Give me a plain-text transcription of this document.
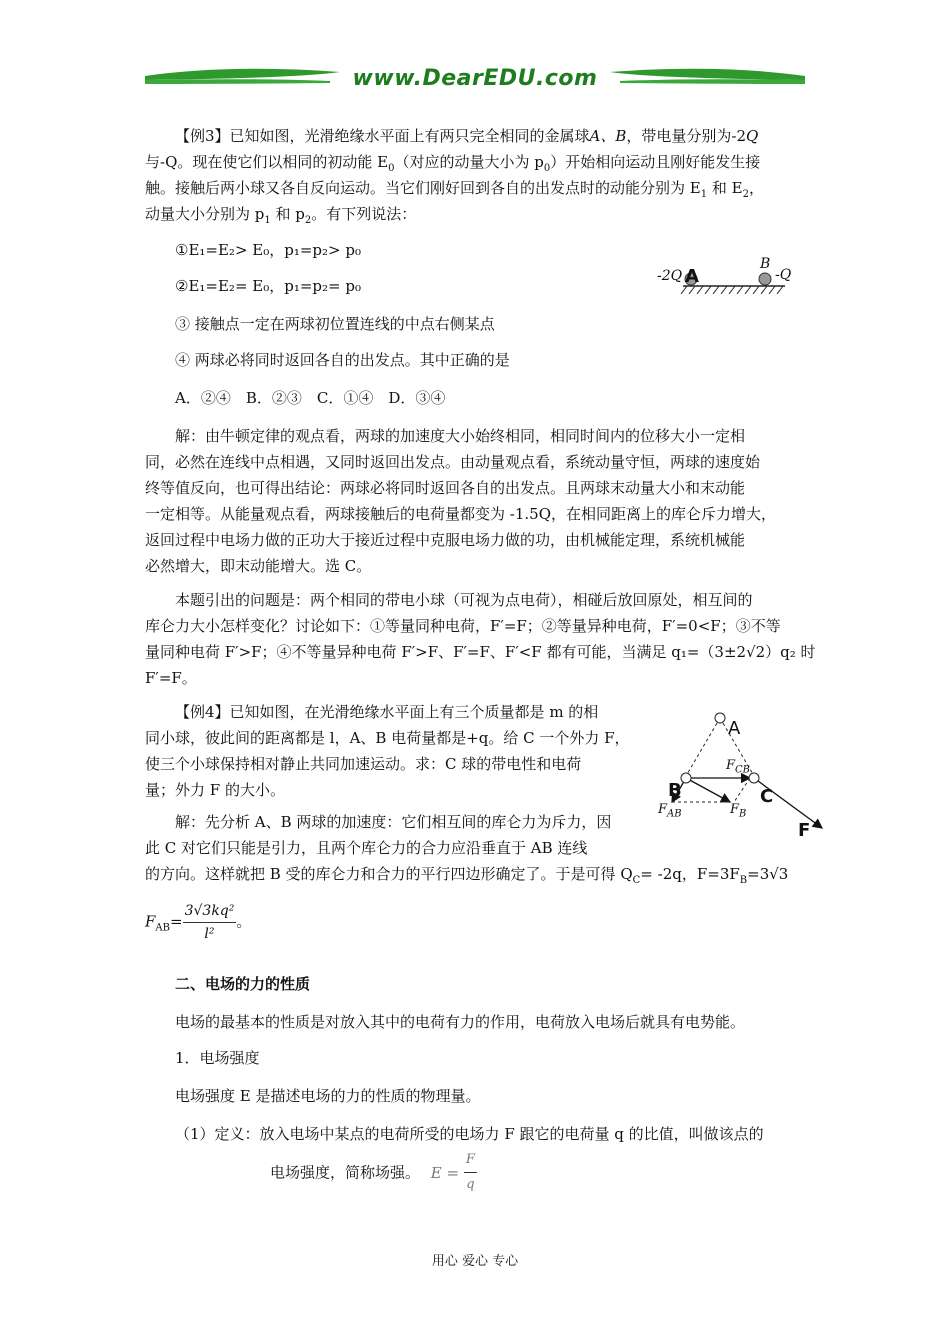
www.DearEDU.com
【例3】已知如图，光滑绝缘水平面上有两只完全相同的金属球A、B，带电量分别为-2Q
与-Q。现在使它们以相同的初动能 $E_0$（对应的动量大小为 $p_0$）开始相向运动且刚好能发生接
触。接触后两小球又各自反向运动。当它们刚好回到各自的出发点时的动能分别为 $E_1$ 和 $E_2$，
动量大小分别为 $p_1$ 和 $p_2$。有下列说法：
①E₁=E₂> E₀，p₁=p₂> p₀
②E₁=E₂= E₀，p₁=p₂= p₀
③ 接触点一定在两球初位置连线的中点右侧某点
④ 两球必将同时返回各自的出发点。其中正确的是
A．②④　B．②③　C．①④　D．③④
-2Q A
B
-Q
解：由牛顿定律的观点看，两球的加速度大小始终相同，相同时间内的位移大小一定相
同，必然在连线中点相遇，又同时返回出发点。由动量观点看，系统动量守恒，两球的速度始
终等值反向，也可得出结论：两球必将同时返回各自的出发点。且两球末动量大小和末动能
一定相等。从能量观点看，两球接触后的电荷量都变为 -1.5Q，在相同距离上的库仑斥力增大，
返回过程中电场力做的正功大于接近过程中克服电场力做的功，由机械能定理，系统机械能
必然增大，即末动能增大。选 C。
本题引出的问题是：两个相同的带电小球（可视为点电荷），相碰后放回原处，相互间的
库仑力大小怎样变化？讨论如下：①等量同种电荷，F′=F；②等量异种电荷，F′=0<F；③不等
量同种电荷 F′>F；④不等量异种电荷 F′>F、F′=F、F′<F 都有可能，当满足 q₁=（3±2√2）q₂ 时
F′=F。
【例4】已知如图，在光滑绝缘水平面上有三个质量都是 m 的相
同小球，彼此间的距离都是 l，A、B 电荷量都是+q。给 C 一个外力 F，
使三个小球保持相对静止共同加速运动。求：C 球的带电性和电荷
量；外力 F 的大小。
解：先分析 A、B 两球的加速度：它们相互间的库仑力为斥力，因
此 C 对它们只能是引力，且两个库仑力的合力应沿垂直于 AB 连线
的方向。这样就把 B 受的库仑力和合力的平行四边形确定了。于是可得 $Q_C= -2q$，$F=3F_B=3√3$
$F_{AB}= \frac{\text{3√3kq²}}{\text{l²}}$ 。
A
B	C
F
$F_{CB}$
$F_B$
$F_{AB}$
二、电场的力的性质
电场的最基本的性质是对放入其中的电荷有力的作用，电荷放入电场后就具有电势能。
1．电场强度
电场强度 E 是描述电场的力的性质的物理量。
（1）定义：放入电场中某点的电荷所受的电场力 F 跟它的电荷量 q 的比值，叫做该点的
电场强度，简称场强。 $E = \frac{F}{q}$
用心 爱心 专心
